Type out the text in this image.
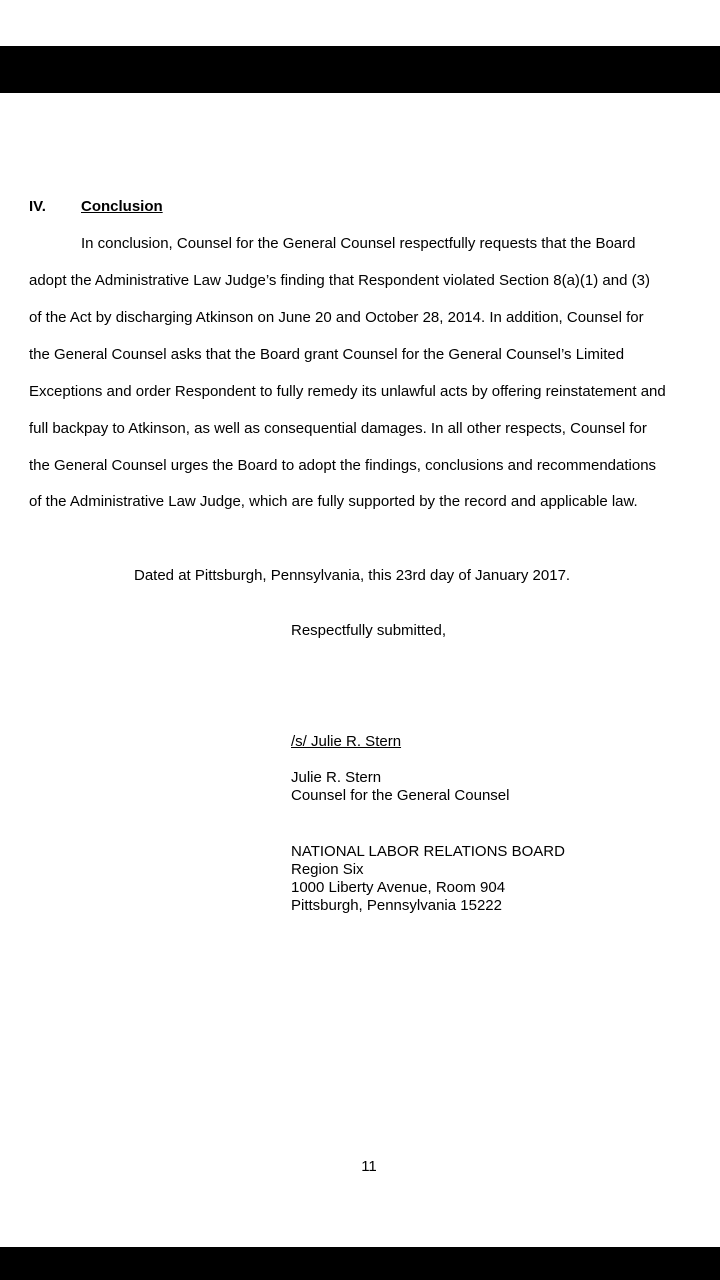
IV. Conclusion
In conclusion, Counsel for the General Counsel respectfully requests that the Board
adopt the Administrative Law Judge’s finding that Respondent violated Section 8(a)(1) and (3)
of the Act by discharging Atkinson on June 20 and October 28, 2014. In addition, Counsel for
the General Counsel asks that the Board grant Counsel for the General Counsel’s Limited
Exceptions and order Respondent to fully remedy its unlawful acts by offering reinstatement and
full backpay to Atkinson, as well as consequential damages. In all other respects, Counsel for
the General Counsel urges the Board to adopt the findings, conclusions and recommendations
of the Administrative Law Judge, which are fully supported by the record and applicable law.
Dated at Pittsburgh, Pennsylvania, this 23rd day of January 2017.
Respectfully submitted,
/s/ Julie R. Stern
Julie R. Stern
Counsel for the General Counsel
NATIONAL LABOR RELATIONS BOARD
Region Six
1000 Liberty Avenue, Room 904
Pittsburgh, Pennsylvania 15222
11
